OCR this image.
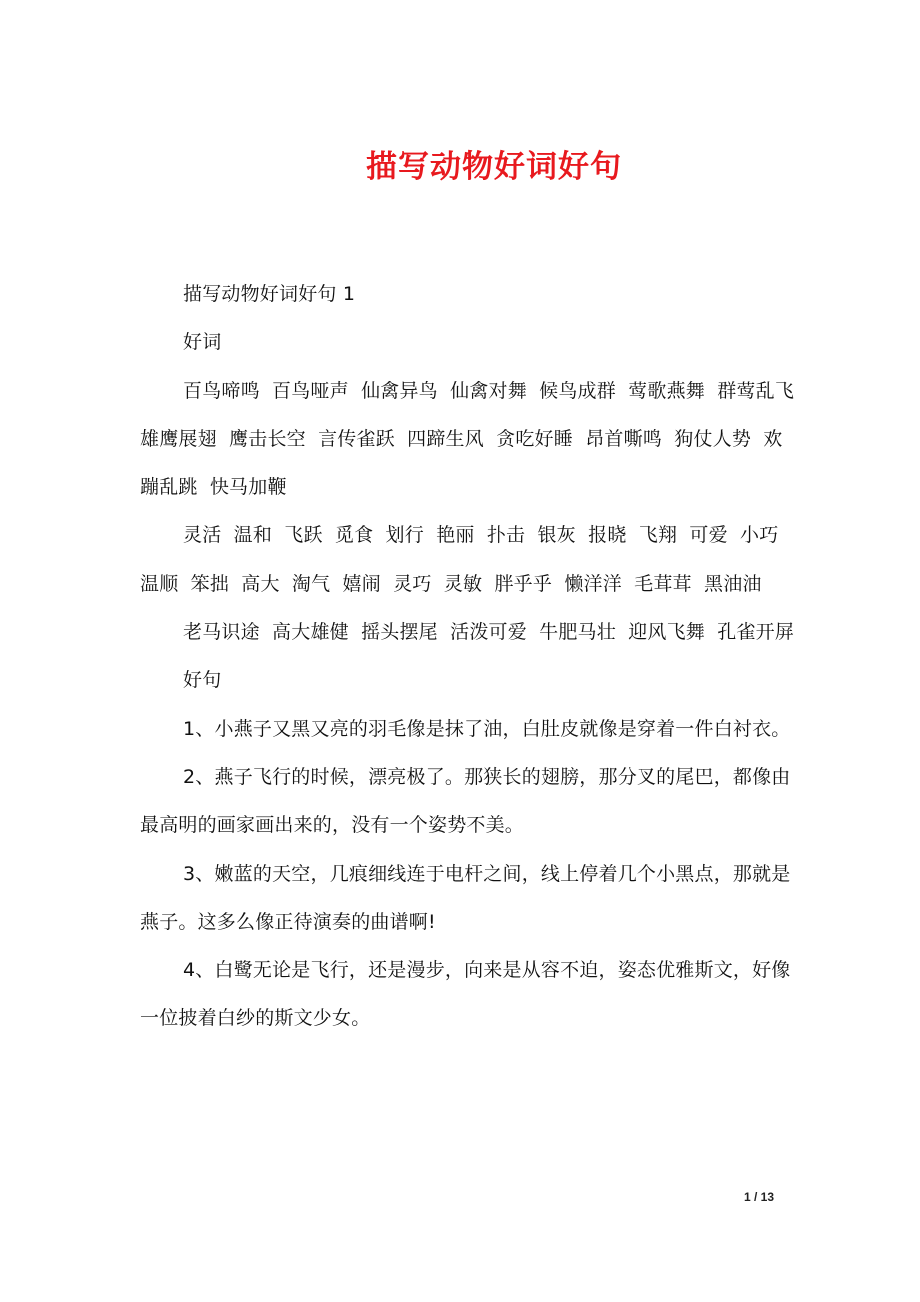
描写动物好词好句

描写动物好词好句 1

好词

百鸟啼鸣 百鸟哑声 仙禽异鸟 仙禽对舞 候鸟成群 莺歌燕舞 群莺乱飞 雄鹰展翅 鹰击长空 言传雀跃 四蹄生风 贪吃好睡 昂首嘶鸣 狗仗人势 欢蹦乱跳 快马加鞭

灵活 温和 飞跃 觅食 划行 艳丽 扑击 银灰 报晓 飞翔 可爱 小巧 温顺 笨拙 高大 淘气 嬉闹 灵巧 灵敏 胖乎乎 懒洋洋 毛茸茸 黑油油

老马识途 高大雄健 摇头摆尾 活泼可爱 牛肥马壮 迎风飞舞 孔雀开屏

好句

1、小燕子又黑又亮的羽毛像是抹了油，白肚皮就像是穿着一件白衬衣。

2、燕子飞行的时候，漂亮极了。那狭长的翅膀，那分叉的尾巴，都像由最高明的画家画出来的，没有一个姿势不美。

3、嫩蓝的天空，几痕细线连于电杆之间，线上停着几个小黑点，那就是燕子。这多么像正待演奏的曲谱啊!

4、白鹭无论是飞行，还是漫步，向来是从容不迫，姿态优雅斯文，好像一位披着白纱的斯文少女。

1 / 13
